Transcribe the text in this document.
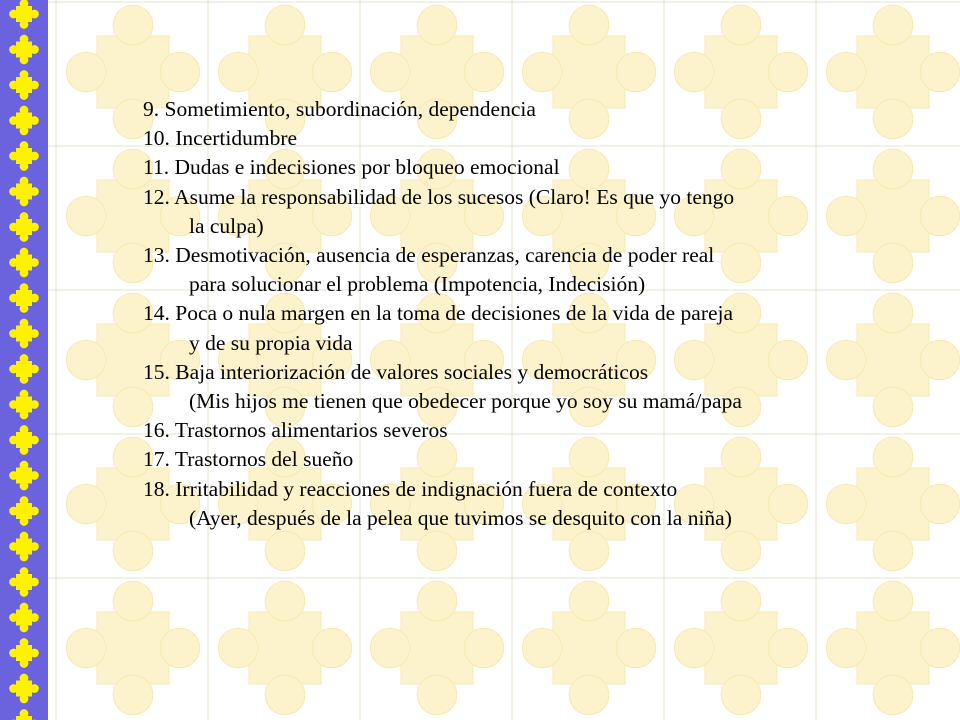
9. Sometimiento, subordinación, dependencia
10. Incertidumbre
11. Dudas e indecisiones por bloqueo emocional
12. Asume la responsabilidad de los sucesos (Claro! Es que yo tengo
la culpa)
13. Desmotivación, ausencia de esperanzas, carencia de poder real
para solucionar el problema (Impotencia, Indecisión)
14. Poca o nula margen en la toma de decisiones de la vida de pareja
y de su propia vida
15. Baja interiorización de valores sociales y democráticos
(Mis hijos me tienen que obedecer porque yo soy su mamá/papa
16. Trastornos alimentarios severos
17. Trastornos del sueño
18. Irritabilidad y reacciones de indignación fuera de contexto
(Ayer, después de la pelea que tuvimos se desquito con la niña)
